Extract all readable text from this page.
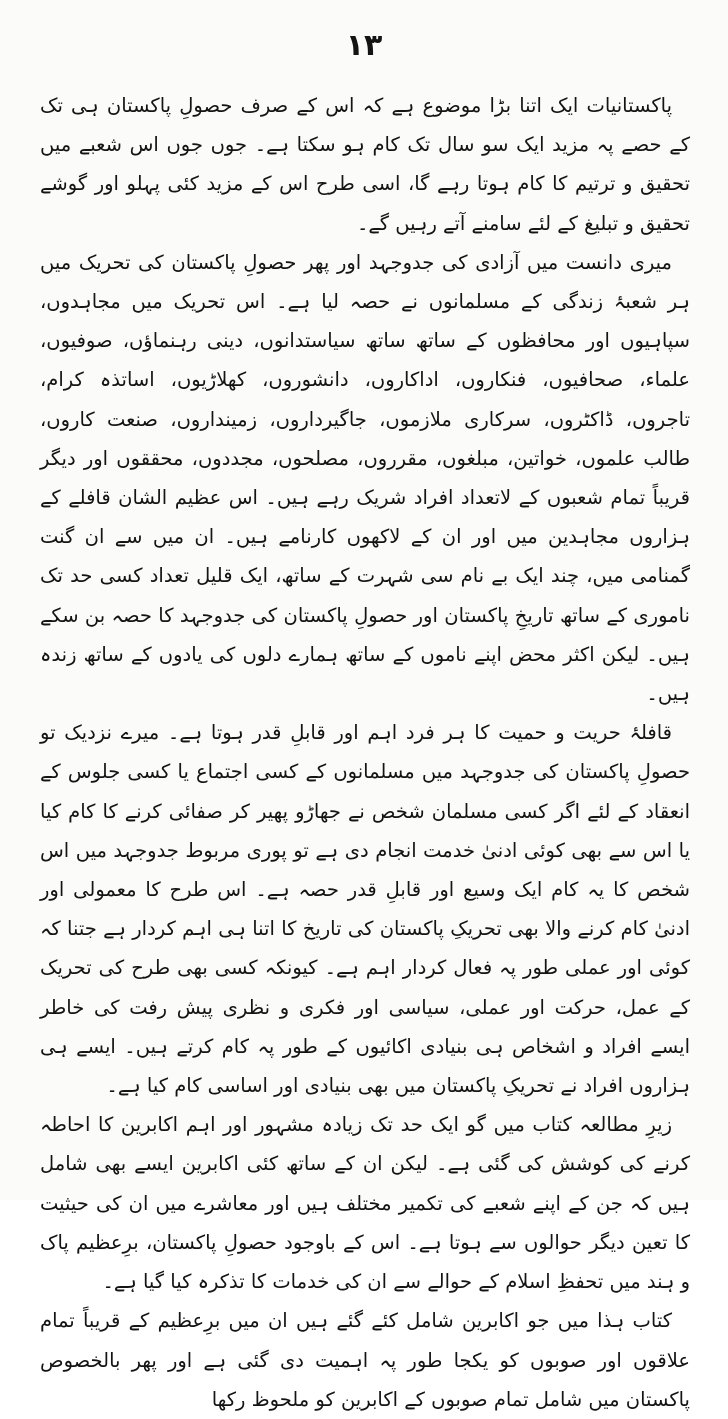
۱۳

پاکستانیات ایک اتنا بڑا موضوع ہے کہ اس کے صرف حصولِ پاکستان ہی تک کے حصے پہ مزید ایک سو سال تک کام ہو سکتا ہے۔ جوں جوں اس شعبے میں تحقیق و ترتیم کا کام ہوتا رہے گا، اسی طرح اس کے مزید کئی پہلو اور گوشے تحقیق و تبلیغ کے لئے سامنے آتے رہیں گے۔

میری دانست میں آزادی کی جدوجہد اور پھر حصولِ پاکستان کی تحریک میں ہر شعبۂ زندگی کے مسلمانوں نے حصہ لیا ہے۔ اس تحریک میں مجاہدوں، سپاہیوں اور محافظوں کے ساتھ ساتھ سیاستدانوں، دینی رہنماؤں، صوفیوں، علماء، صحافیوں، فنکاروں، اداکاروں، دانشوروں، کھلاڑیوں، اساتذہ کرام، تاجروں، ڈاکٹروں، سرکاری ملازموں، جاگیرداروں، زمینداروں، صنعت کاروں، طالب علموں، خواتین، مبلغوں، مقرروں، مصلحوں، مجددوں، محققوں اور دیگر قریباً تمام شعبوں کے لاتعداد افراد شریک رہے ہیں۔ اس عظیم الشان قافلے کے ہزاروں مجاہدین میں اور ان کے لاکھوں کارنامے ہیں۔ ان میں سے ان گنت گمنامی میں، چند ایک بے نام سی شہرت کے ساتھ، ایک قلیل تعداد کسی حد تک ناموری کے ساتھ تاریخِ پاکستان اور حصولِ پاکستان کی جدوجہد کا حصہ بن سکے ہیں۔ لیکن اکثر محض اپنے ناموں کے ساتھ ہمارے دلوں کی یادوں کے ساتھ زندہ ہیں۔

قافلۂ حریت و حمیت کا ہر فرد اہم اور قابلِ قدر ہوتا ہے۔ میرے نزدیک تو حصولِ پاکستان کی جدوجہد میں مسلمانوں کے کسی اجتماع یا کسی جلوس کے انعقاد کے لئے اگر کسی مسلمان شخص نے جھاڑو پھیر کر صفائی کرنے کا کام کیا یا اس سے بھی کوئی ادنیٰ خدمت انجام دی ہے تو پوری مربوط جدوجہد میں اس شخص کا یہ کام ایک وسیع اور قابلِ قدر حصہ ہے۔ اس طرح کا معمولی اور ادنیٰ کام کرنے والا بھی تحریکِ پاکستان کی تاریخ کا اتنا ہی اہم کردار ہے جتنا کہ کوئی اور عملی طور پہ فعال کردار اہم ہے۔ کیونکہ کسی بھی طرح کی تحریک کے عمل، حرکت اور عملی، سیاسی اور فکری و نظری پیش رفت کی خاطر ایسے افراد و اشخاص ہی بنیادی اکائیوں کے طور پہ کام کرتے ہیں۔ ایسے ہی ہزاروں افراد نے تحریکِ پاکستان میں بھی بنیادی اور اساسی کام کیا ہے۔

زیرِ مطالعہ کتاب میں گو ایک حد تک زیادہ مشہور اور اہم اکابرین کا احاطہ کرنے کی کوشش کی گئی ہے۔ لیکن ان کے ساتھ کئی اکابرین ایسے بھی شامل ہیں کہ جن کے اپنے شعبے کی تکمیر مختلف ہیں اور معاشرے میں ان کی حیثیت کا تعین دیگر حوالوں سے ہوتا ہے۔ اس کے باوجود حصولِ پاکستان، برِعظیم پاک و ہند میں تحفظِ اسلام کے حوالے سے ان کی خدمات کا تذکرہ کیا گیا ہے۔

کتاب ہذا میں جو اکابرین شامل کئے گئے ہیں ان میں برِعظیم کے قریباً تمام علاقوں اور صوبوں کو یکجا طور پہ اہمیت دی گئی ہے اور پھر بالخصوص پاکستان میں شامل تمام صوبوں کے اکابرین کو ملحوظ رکھا
